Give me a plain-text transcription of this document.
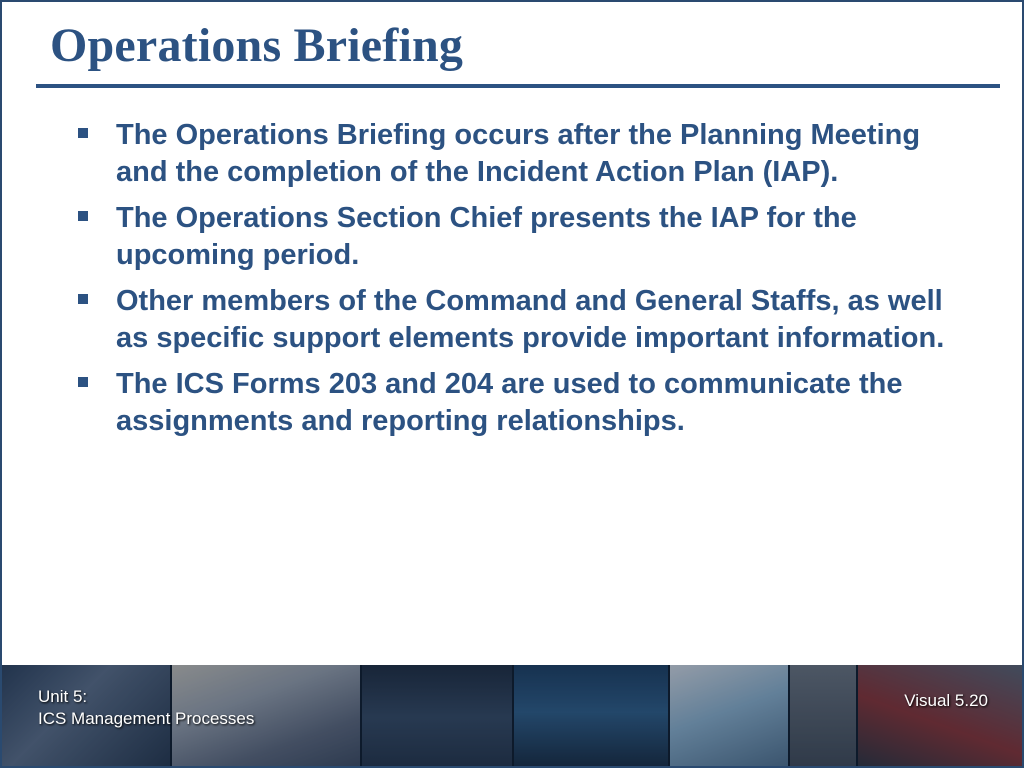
Operations Briefing
The Operations Briefing occurs after the Planning Meeting and the completion of the Incident Action Plan (IAP).
The Operations Section Chief presents the IAP for the upcoming period.
Other members of the Command and General Staffs, as well as specific support elements provide important information.
The ICS Forms 203 and 204 are used to communicate the assignments and reporting relationships.
Unit 5:
ICS Management Processes
Visual 5.20
